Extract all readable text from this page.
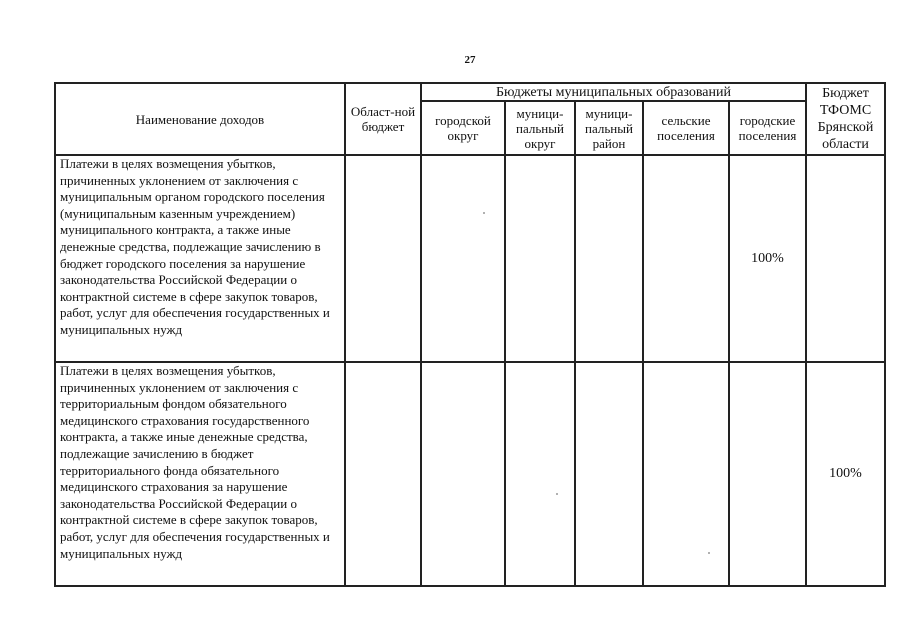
27
Наименование доходов	Област-ной бюджет	Бюджеты муниципальных образований					Бюджет ТФОМС Брянской области
		городской округ	муници-пальный округ	муници-пальный район	сельские поселения	городские поселения	
Платежи в целях возмещения убытков, причиненных уклонением от заключения с муниципальным органом городского поселения (муниципальным казенным учреждением) муниципального контракта, а также иные денежные средства, подлежащие зачислению в бюджет городского поселения за нарушение законодательства Российской Федерации о контрактной системе в сфере закупок товаров, работ, услуг для обеспечения государственных и муниципальных нужд						100%	
Платежи в целях возмещения убытков, причиненных уклонением от заключения с территориальным фондом обязательного медицинского страхования государственного контракта, а также иные денежные средства, подлежащие зачислению в бюджет территориального фонда обязательного медицинского страхования за нарушение законодательства Российской Федерации о контрактной системе в сфере закупок товаров, работ, услуг для обеспечения государственных и муниципальных нужд							100%
